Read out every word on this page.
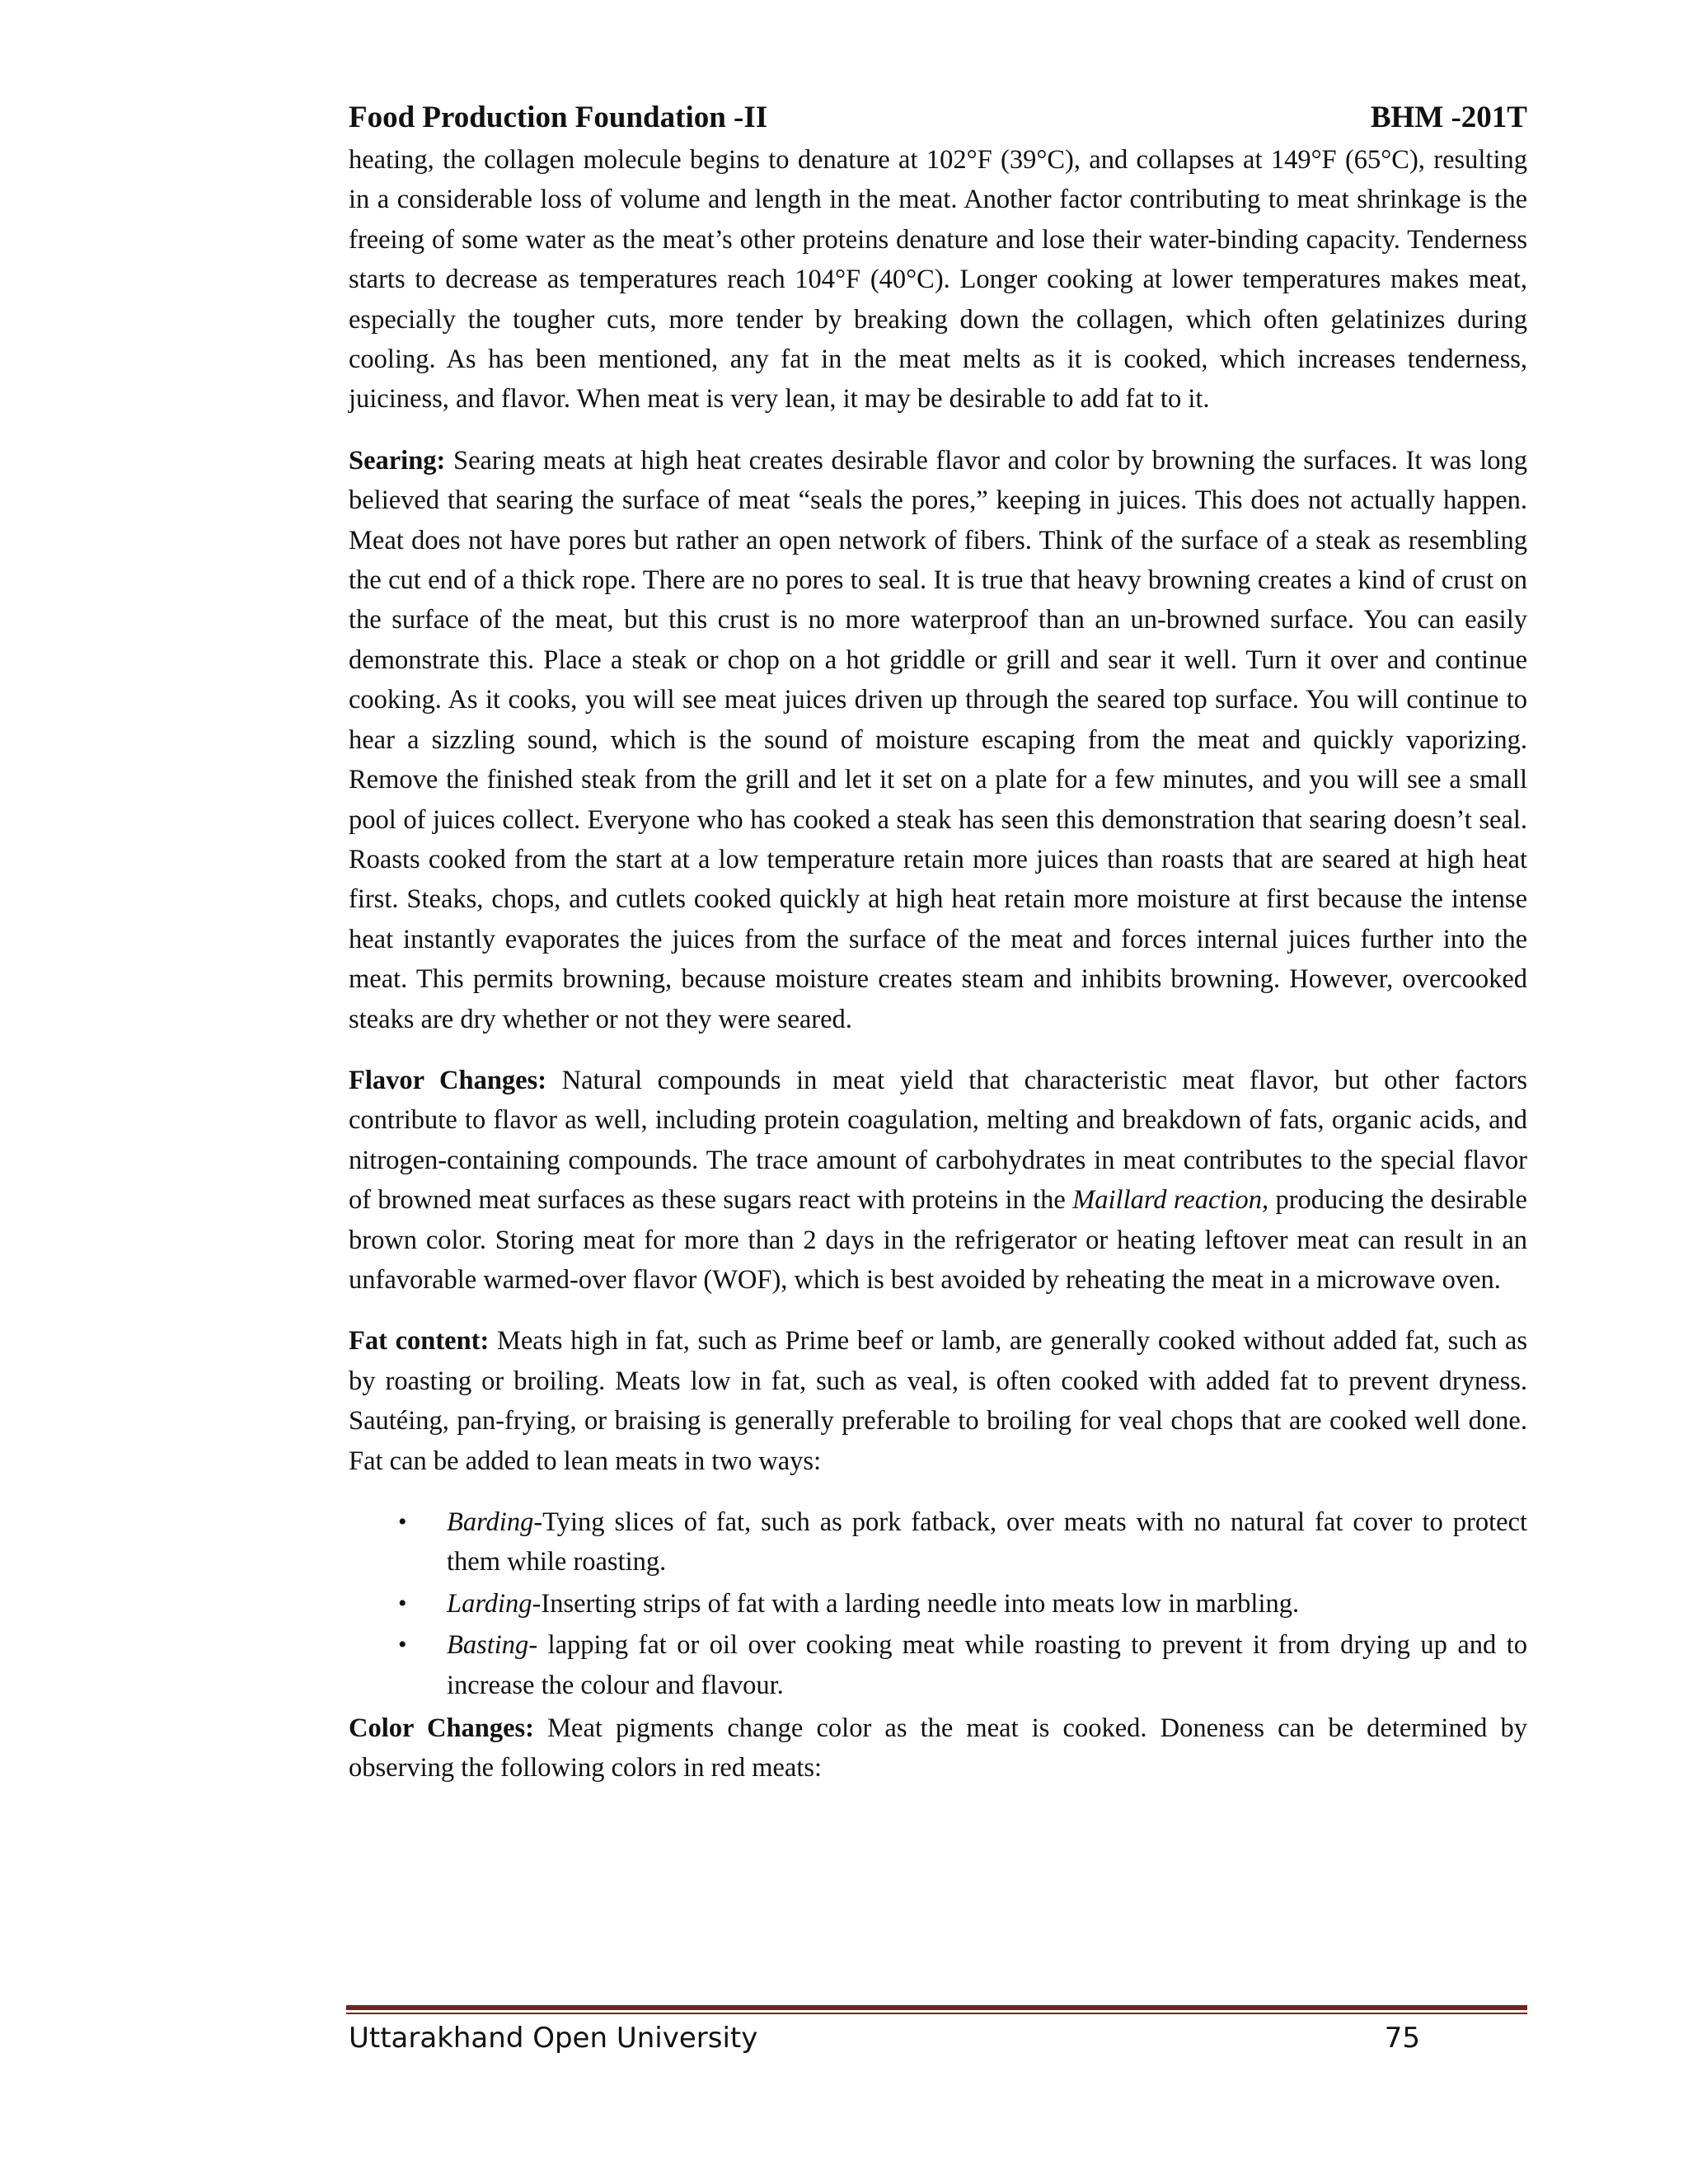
Food Production Foundation -II	BHM -201T

heating, the collagen molecule begins to denature at 102°F (39°C), and collapses at 149°F (65°C), resulting in a considerable loss of volume and length in the meat. Another factor contributing to meat shrinkage is the freeing of some water as the meat’s other proteins denature and lose their water-binding capacity. Tenderness starts to decrease as temperatures reach 104°F (40°C). Longer cooking at lower temperatures makes meat, especially the tougher cuts, more tender by breaking down the collagen, which often gelatinizes during cooling. As has been mentioned, any fat in the meat melts as it is cooked, which increases tenderness, juiciness, and flavor. When meat is very lean, it may be desirable to add fat to it.

Searing: Searing meats at high heat creates desirable flavor and color by browning the surfaces. It was long believed that searing the surface of meat “seals the pores,” keeping in juices. This does not actually happen. Meat does not have pores but rather an open network of fibers. Think of the surface of a steak as resembling the cut end of a thick rope. There are no pores to seal. It is true that heavy browning creates a kind of crust on the surface of the meat, but this crust is no more waterproof than an un-browned surface. You can easily demonstrate this. Place a steak or chop on a hot griddle or grill and sear it well. Turn it over and continue cooking. As it cooks, you will see meat juices driven up through the seared top surface. You will continue to hear a sizzling sound, which is the sound of moisture escaping from the meat and quickly vaporizing. Remove the finished steak from the grill and let it set on a plate for a few minutes, and you will see a small pool of juices collect. Everyone who has cooked a steak has seen this demonstration that searing doesn’t seal. Roasts cooked from the start at a low temperature retain more juices than roasts that are seared at high heat first. Steaks, chops, and cutlets cooked quickly at high heat retain more moisture at first because the intense heat instantly evaporates the juices from the surface of the meat and forces internal juices further into the meat. This permits browning, because moisture creates steam and inhibits browning. However, overcooked steaks are dry whether or not they were seared.

Flavor Changes: Natural compounds in meat yield that characteristic meat flavor, but other factors contribute to flavor as well, including protein coagulation, melting and breakdown of fats, organic acids, and nitrogen-containing compounds. The trace amount of carbohydrates in meat contributes to the special flavor of browned meat surfaces as these sugars react with proteins in the Maillard reaction, producing the desirable brown color. Storing meat for more than 2 days in the refrigerator or heating leftover meat can result in an unfavorable warmed-over flavor (WOF), which is best avoided by reheating the meat in a microwave oven.

Fat content: Meats high in fat, such as Prime beef or lamb, are generally cooked without added fat, such as by roasting or broiling. Meats low in fat, such as veal, is often cooked with added fat to prevent dryness. Sautéing, pan-frying, or braising is generally preferable to broiling for veal chops that are cooked well done. Fat can be added to lean meats in two ways:

• Barding-Tying slices of fat, such as pork fatback, over meats with no natural fat cover to protect them while roasting.
• Larding-Inserting strips of fat with a larding needle into meats low in marbling.
• Basting- lapping fat or oil over cooking meat while roasting to prevent it from drying up and to increase the colour and flavour.

Color Changes: Meat pigments change color as the meat is cooked. Doneness can be determined by observing the following colors in red meats:

Uttarakhand Open University	75
